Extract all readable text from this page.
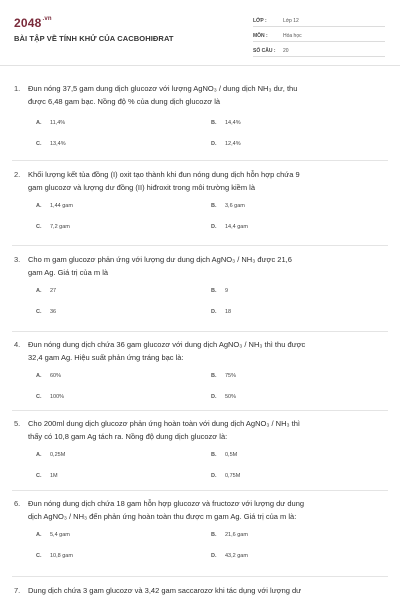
$2048^{.vn}$
BÀI TẬP VỀ TÍNH KHỬ CỦA CACBOHIĐRAT
LỚP :	Lớp 12
MÔN :	Hóa học
SỐ CÂU :	20
1.	Đun nóng 37,5 gam dung dịch glucozơ với lượng AgNO₃ / dung dịch NH₃ dư, thu
được 6,48 gam bạc. Nồng độ % của dung dịch glucozơ là
A.	11,4%	B.	14,4%
C.	13,4%	D.	12,4%
2.	Khối lượng kết tủa đồng (I) oxit tạo thành khi đun nóng dung dịch hỗn hợp chứa 9
gam glucozơ và lượng dư đồng (II) hiđroxit trong môi trường kiềm là
A.	1,44 gam	B.	3,6 gam
C.	7,2 gam	D.	14,4 gam
3.	Cho m gam glucozơ phản ứng với lượng dư dung dịch AgNO₃ / NH₃ được 21,6
gam Ag. Giá trị của m là
A.	27	B.	9
C.	36	D.	18
4.	Đun nóng dung dịch chứa 36 gam glucozơ với dung dịch AgNO₃ / NH₃ thì thu được
32,4 gam Ag. Hiệu suất phản ứng tráng bạc là:
A.	60%	B.	75%
C.	100%	D.	50%
5.	Cho 200ml dung dịch glucozơ phản ứng hoàn toàn với dung dịch AgNO₃ / NH₃ thì
thấy có 10,8 gam Ag tách ra. Nồng độ dung dịch glucozơ là:
A.	0,25M	B.	0,5M
C.	1M	D.	0,75M
6.	Đun nóng dung dịch chứa 18 gam hỗn hợp glucozơ và fructozơ với lượng dư dung
dịch AgNO₃ / NH₃ đến phản ứng hoàn toàn thu được m gam Ag. Giá trị của m là:
A.	5,4 gam	B.	21,6 gam
C.	10,8 gam	D.	43,2 gam
7.	Dung dịch chứa 3 gam glucozơ và 3,42 gam saccarozơ khi tác dụng với lượng dư
